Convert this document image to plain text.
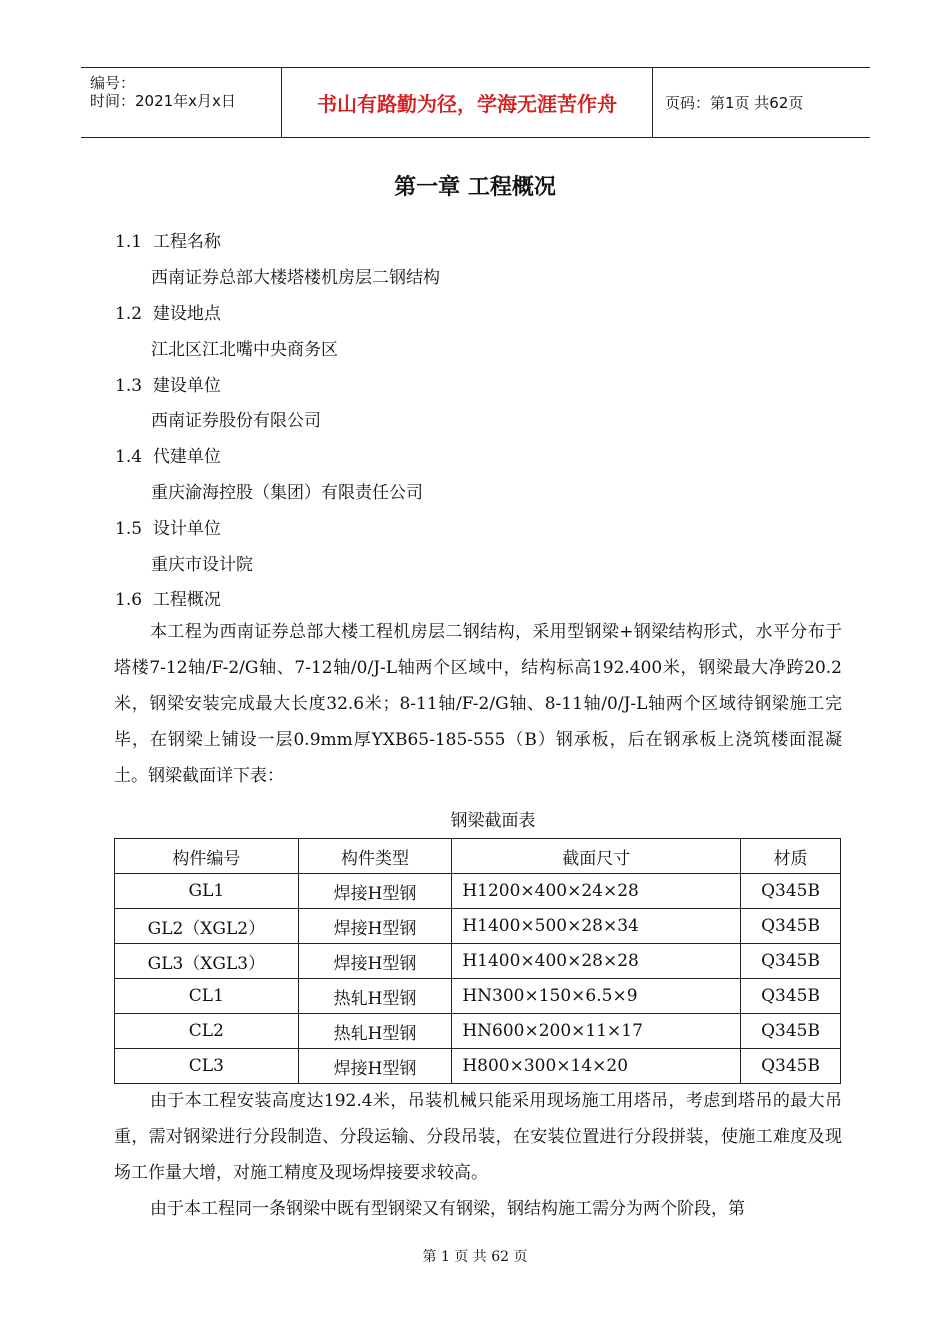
编号：
时间：2021年x月x日	书山有路勤为径，学海无涯苦作舟	页码：第1页 共62页
第一章 工程概况
1.1 工程名称
西南证券总部大楼塔楼机房层二钢结构
1.2 建设地点
江北区江北嘴中央商务区
1.3 建设单位
西南证券股份有限公司
1.4 代建单位
重庆渝海控股（集团）有限责任公司
1.5 设计单位
重庆市设计院
1.6 工程概况
本工程为西南证券总部大楼工程机房层二钢结构，采用型钢梁+钢梁结构形式，水平分布于塔楼7-12轴/F-2/G轴、7-12轴/0/J-L轴两个区域中，结构标高192.400米，钢梁最大净跨20.2米，钢梁安装完成最大长度32.6米；8-11轴/F-2/G轴、8-11轴/0/J-L轴两个区域待钢梁施工完毕，在钢梁上铺设一层0.9mm厚YXB65-185-555（B）钢承板，后在钢承板上浇筑楼面混凝土。钢梁截面详下表：
钢梁截面表
构件编号	构件类型	截面尺寸	材质
GL1	焊接H型钢	H1200×400×24×28	Q345B
GL2（XGL2）	焊接H型钢	H1400×500×28×34	Q345B
GL3（XGL3）	焊接H型钢	H1400×400×28×28	Q345B
CL1	热轧H型钢	HN300×150×6.5×9	Q345B
CL2	热轧H型钢	HN600×200×11×17	Q345B
CL3	焊接H型钢	H800×300×14×20	Q345B
由于本工程安装高度达192.4米，吊装机械只能采用现场施工用塔吊，考虑到塔吊的最大吊重，需对钢梁进行分段制造、分段运输、分段吊装，在安装位置进行分段拼装，使施工难度及现场工作量大增，对施工精度及现场焊接要求较高。
由于本工程同一条钢梁中既有型钢梁又有钢梁，钢结构施工需分为两个阶段，第
第 1 页 共 62 页
